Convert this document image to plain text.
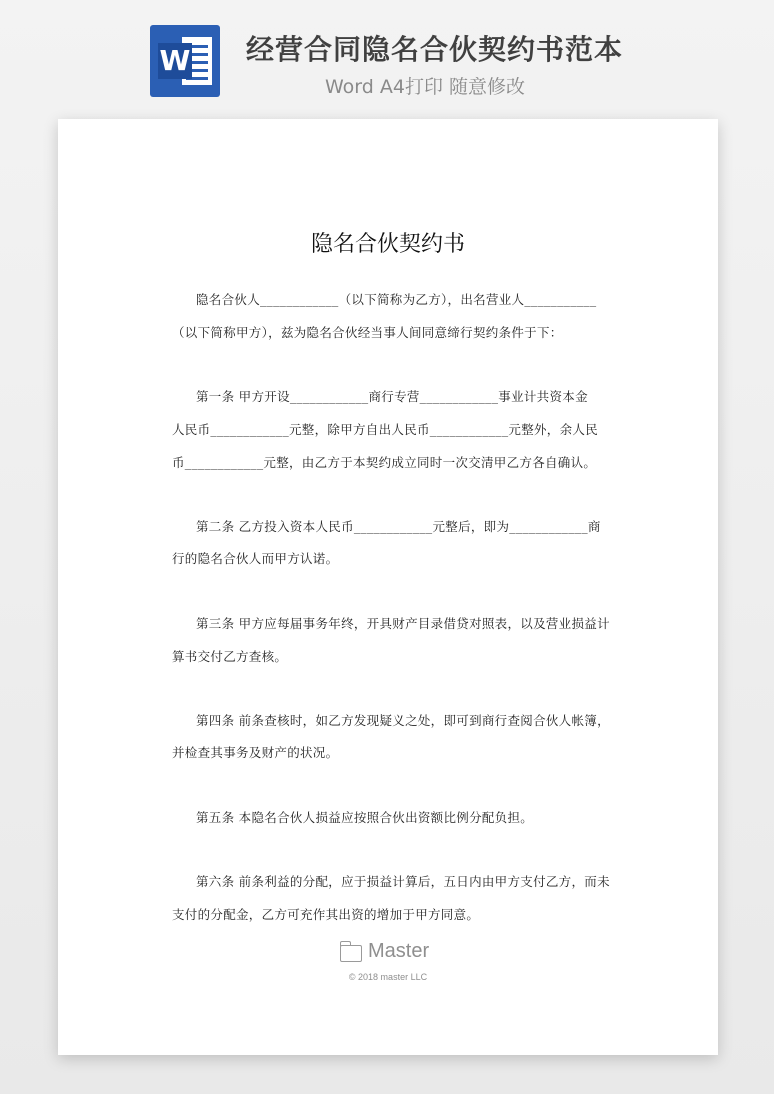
W 经营合同隐名合伙契约书范本
Word A4打印 随意修改
隐名合伙契约书
隐名合伙人____________（以下简称为乙方），出名营业人___________
（以下简称甲方），兹为隐名合伙经当事人间同意缔行契约条件于下：
第一条 甲方开设____________商行专营____________事业计共资本金
人民币____________元整，除甲方自出人民币____________元整外，余人民
币____________元整，由乙方于本契约成立同时一次交清甲乙方各自确认。
第二条 乙方投入资本人民币____________元整后，即为____________商
行的隐名合伙人而甲方认诺。
第三条 甲方应每届事务年终，开具财产目录借贷对照表，以及营业损益计
算书交付乙方查核。
第四条 前条查核时，如乙方发现疑义之处，即可到商行查阅合伙人帐簿，
并检查其事务及财产的状况。
第五条 本隐名合伙人损益应按照合伙出资额比例分配负担。
第六条 前条利益的分配，应于损益计算后，五日内由甲方支付乙方，而未
支付的分配金，乙方可充作其出资的增加于甲方同意。
Master
© 2018 master LLC
